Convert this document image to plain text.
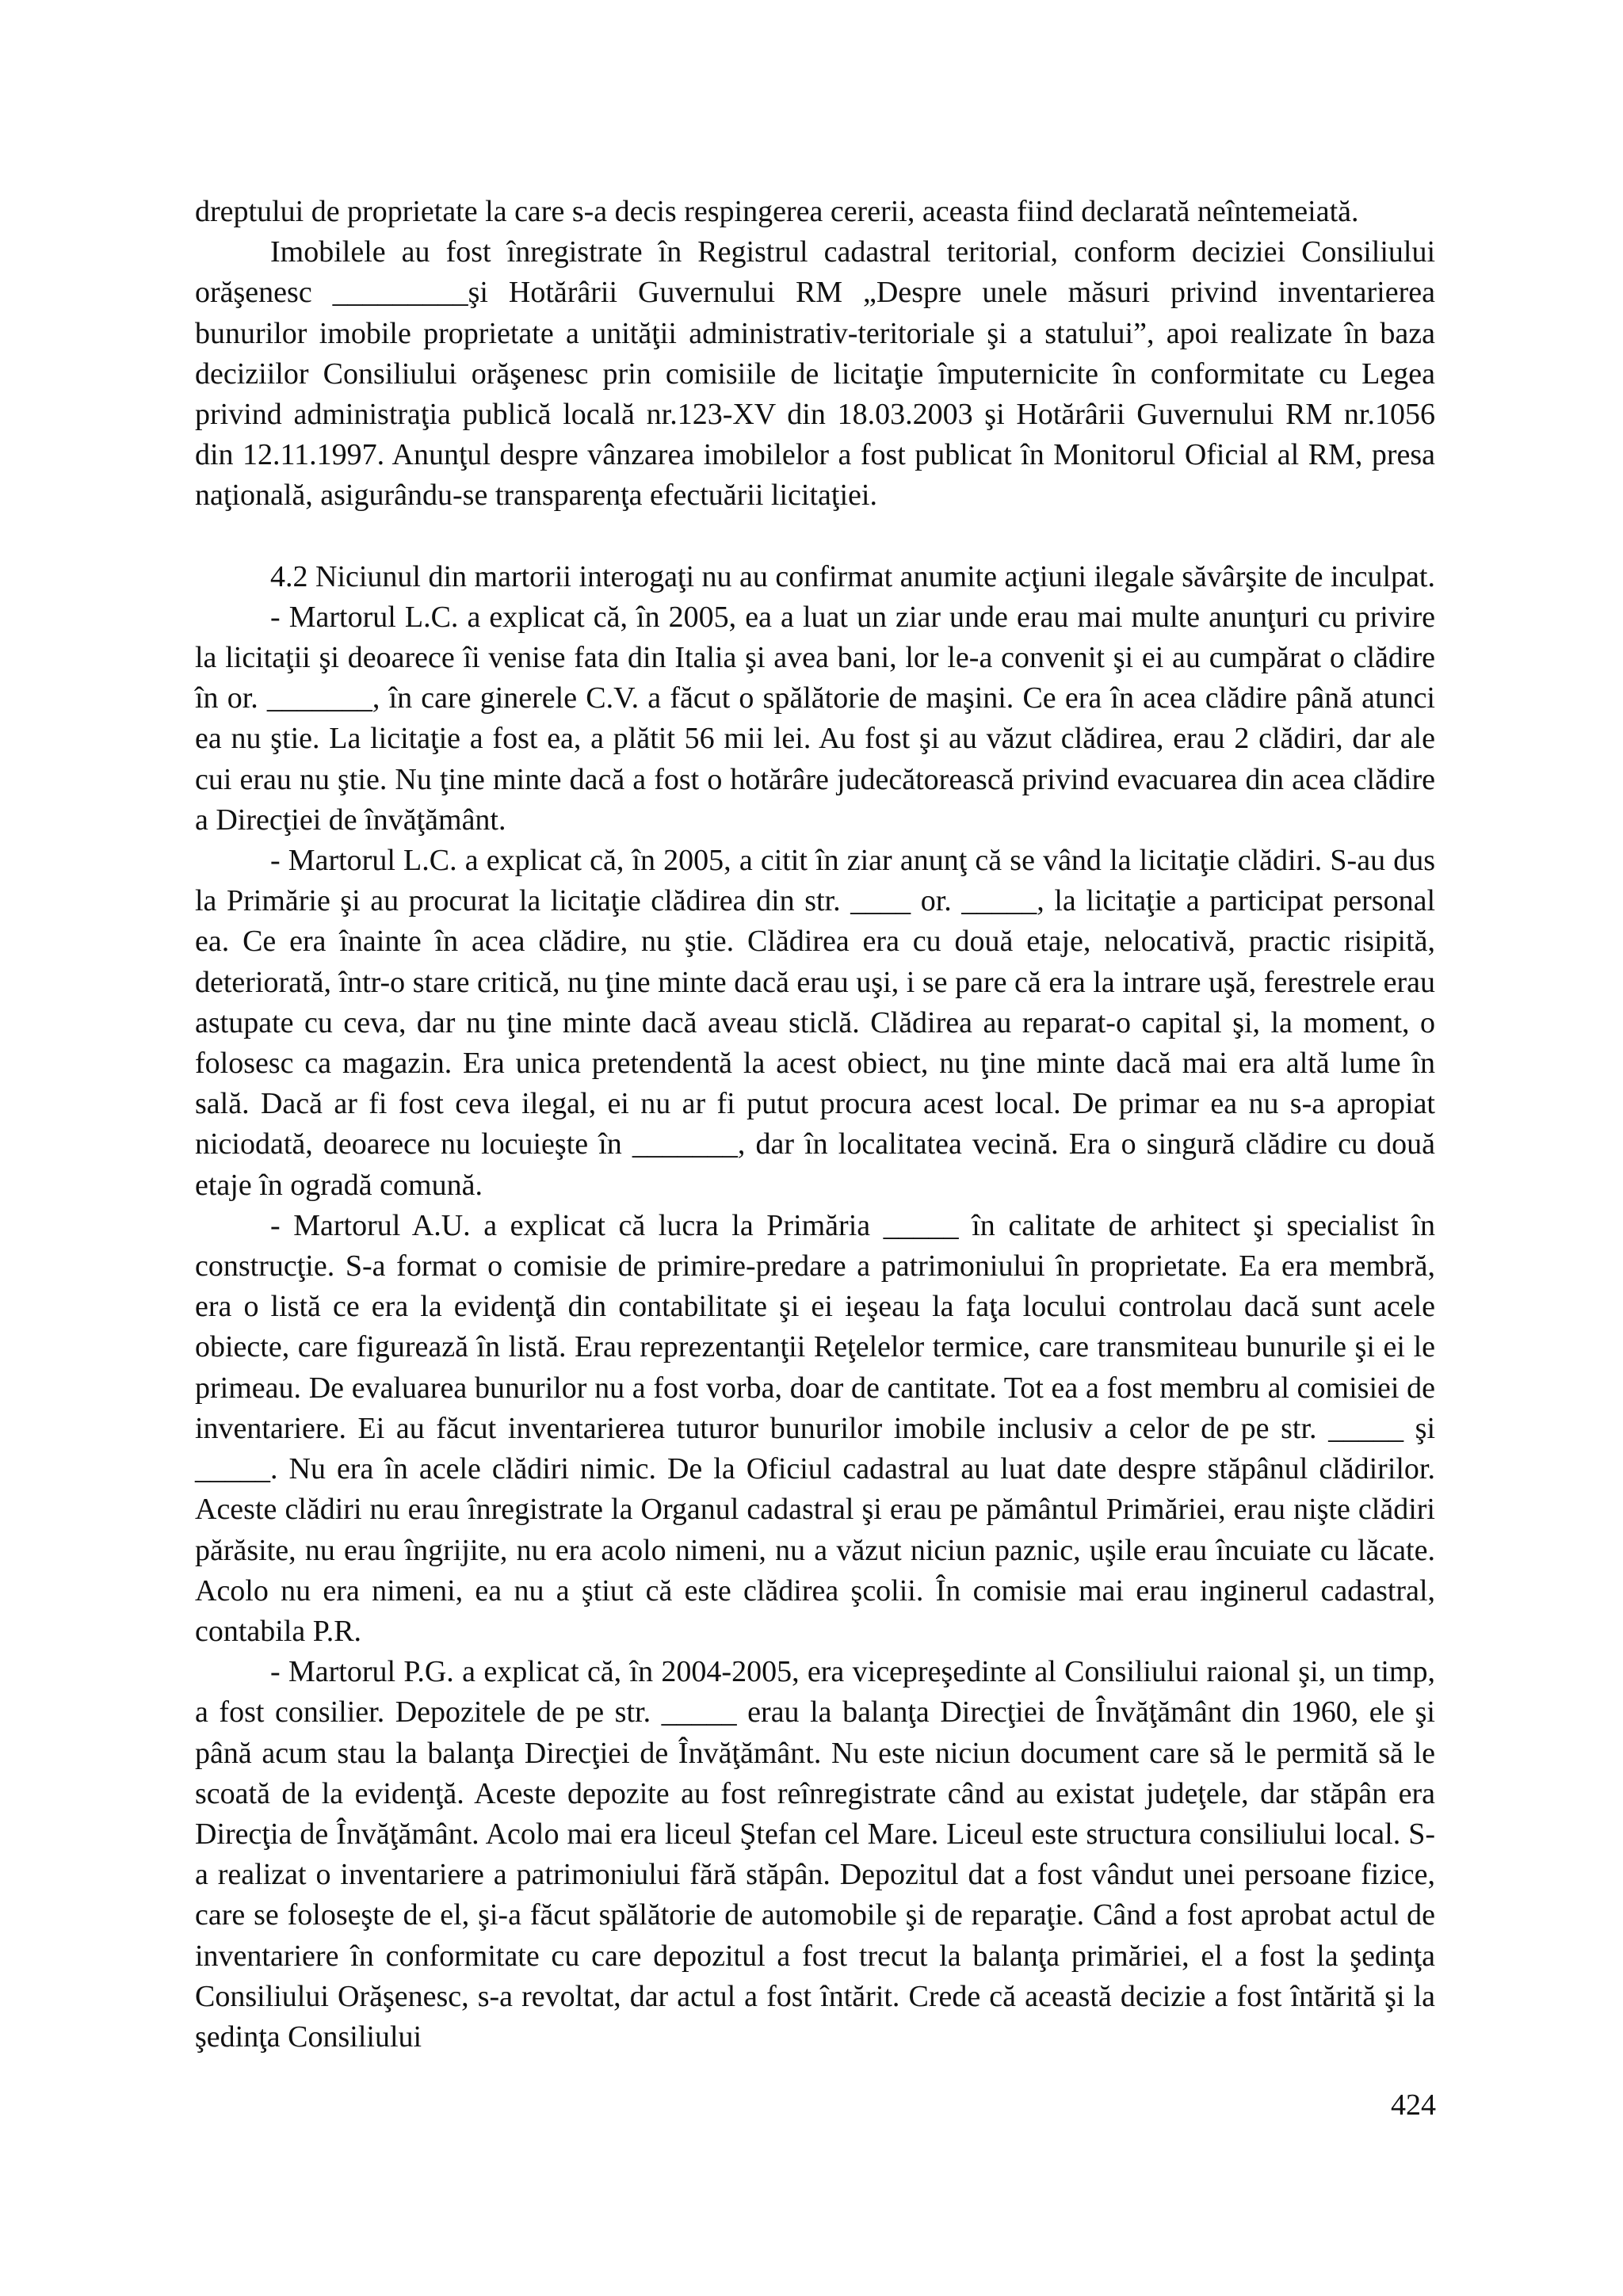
dreptului de proprietate la care s-a decis respingerea cererii, aceasta fiind declarată neîntemeiată.

Imobilele au fost înregistrate în Registrul cadastral teritorial, conform deciziei Consiliului orăşenesc _________şi Hotărârii Guvernului RM „Despre unele măsuri privind inventarierea bunurilor imobile proprietate a unităţii administrativ-teritoriale şi a statului”, apoi realizate în baza deciziilor Consiliului orăşenesc prin comisiile de licitaţie împuternicite în conformitate cu Legea privind administraţia publică locală nr.123-XV din 18.03.2003 şi Hotărârii Guvernului RM nr.1056 din 12.11.1997. Anunţul despre vânzarea imobilelor a fost publicat în Monitorul Oficial al RM, presa naţională, asigurându-se transparenţa efectuării licitaţiei.

4.2 Niciunul din martorii interogaţi nu au confirmat anumite acţiuni ilegale săvârşite de inculpat.

- Martorul L.C. a explicat că, în 2005, ea a luat un ziar unde erau mai multe anunţuri cu privire la licitaţii şi deoarece îi venise fata din Italia şi avea bani, lor le-a convenit şi ei au cumpărat o clădire în or. _______, în care ginerele C.V. a făcut o spălătorie de maşini. Ce era în acea clădire până atunci ea nu ştie. La licitaţie a fost ea, a plătit 56 mii lei. Au fost şi au văzut clădirea, erau 2 clădiri, dar ale cui erau nu ştie. Nu ţine minte dacă a fost o hotărâre judecătorească privind evacuarea din acea clădire a Direcţiei de învăţământ.

- Martorul L.C. a explicat că, în 2005, a citit în ziar anunţ că se vând la licitaţie clădiri. S-au dus la Primărie şi au procurat la licitaţie clădirea din str. ____ or. _____, la licitaţie a participat personal ea. Ce era înainte în acea clădire, nu ştie. Clădirea era cu două etaje, nelocativă, practic risipită, deteriorată, într-o stare critică, nu ţine minte dacă erau uşi, i se pare că era la intrare uşă, ferestrele erau astupate cu ceva, dar nu ţine minte dacă aveau sticlă. Clădirea au reparat-o capital şi, la moment, o folosesc ca magazin. Era unica pretendentă la acest obiect, nu ţine minte dacă mai era altă lume în sală. Dacă ar fi fost ceva ilegal, ei nu ar fi putut procura acest local. De primar ea nu s-a apropiat niciodată, deoarece nu locuieşte în _______, dar în localitatea vecină. Era o singură clădire cu două etaje în ogradă comună.

- Martorul A.U. a explicat că lucra la Primăria _____ în calitate de arhitect şi specialist în construcţie. S-a format o comisie de primire-predare a patrimoniului în proprietate. Ea era membră, era o listă ce era la evidenţă din contabilitate şi ei ieşeau la faţa locului controlau dacă sunt acele obiecte, care figurează în listă. Erau reprezentanţii Reţelelor termice, care transmiteau bunurile şi ei le primeau. De evaluarea bunurilor nu a fost vorba, doar de cantitate. Tot ea a fost membru al comisiei de inventariere. Ei au făcut inventarierea tuturor bunurilor imobile inclusiv a celor de pe str. _____ şi _____. Nu era în acele clădiri nimic. De la Oficiul cadastral au luat date despre stăpânul clădirilor. Aceste clădiri nu erau înregistrate la Organul cadastral şi erau pe pământul Primăriei, erau nişte clădiri părăsite, nu erau îngrijite, nu era acolo nimeni, nu a văzut niciun paznic, uşile erau încuiate cu lăcate. Acolo nu era nimeni, ea nu a ştiut că este clădirea şcolii. În comisie mai erau inginerul cadastral, contabila P.R.

- Martorul P.G. a explicat că, în 2004-2005, era vicepreşedinte al Consiliului raional şi, un timp, a fost consilier. Depozitele de pe str. _____ erau la balanţa Direcţiei de Învăţământ din 1960, ele şi până acum stau la balanţa Direcţiei de Învăţământ. Nu este niciun document care să le permită să le scoată de la evidenţă. Aceste depozite au fost reînregistrate când au existat judeţele, dar stăpân era Direcţia de Învăţământ. Acolo mai era liceul Ştefan cel Mare. Liceul este structura consiliului local. S-a realizat o inventariere a patrimoniului fără stăpân. Depozitul dat a fost vândut unei persoane fizice, care se foloseşte de el, şi-a făcut spălătorie de automobile şi de reparaţie. Când a fost aprobat actul de inventariere în conformitate cu care depozitul a fost trecut la balanţa primăriei, el a fost la şedinţa Consiliului Orăşenesc, s-a revoltat, dar actul a fost întărit. Crede că această decizie a fost întărită şi la şedinţa Consiliului

424
